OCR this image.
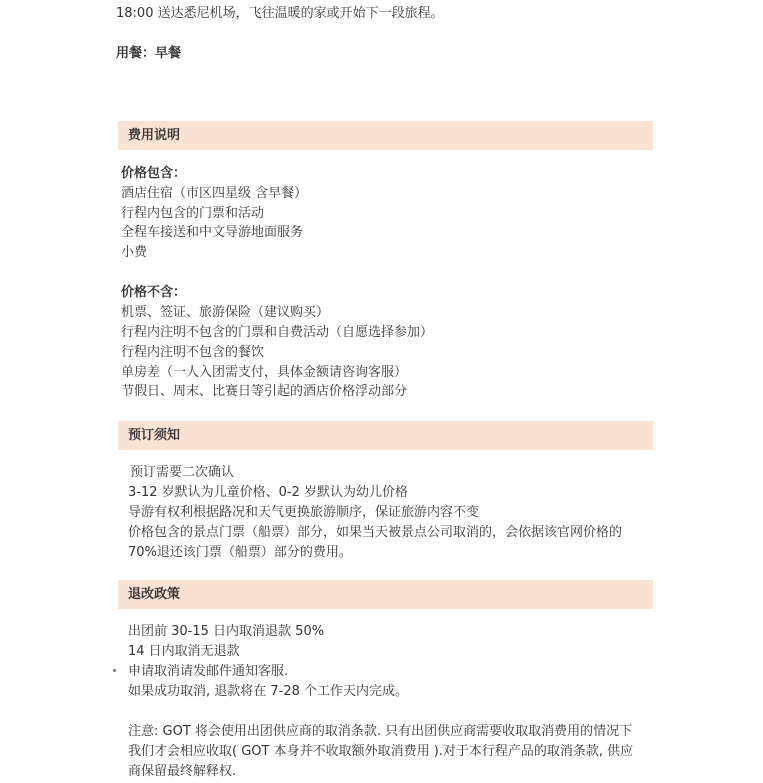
18:00 送达悉尼机场，飞往温暖的家或开始下一段旅程。
用餐：早餐
费用说明
价格包含：
酒店住宿（市区四星级 含早餐）
行程内包含的门票和活动
全程车接送和中文导游地面服务
小费
价格不含：
机票、签证、旅游保险（建议购买）
行程内注明不包含的门票和自费活动（自愿选择参加）
行程内注明不包含的餐饮
单房差（一人入团需支付，具体金额请咨询客服）
节假日、周末、比赛日等引起的酒店价格浮动部分
预订须知
预订需要二次确认
3-12 岁默认为儿童价格、0-2 岁默认为幼儿价格
导游有权利根据路况和天气更换旅游顺序，保证旅游内容不变
价格包含的景点门票（船票）部分，如果当天被景点公司取消的，会依据该官网价格的
70%退还该门票（船票）部分的费用。
退改政策
出团前 30-15 日内取消退款 50%
14 日内取消无退款
申请取消请发邮件通知客服.
如果成功取消, 退款将在 7-28 个工作天内完成。
注意: GOT 将会使用出团供应商的取消条款. 只有出团供应商需要收取取消费用的情况下
我们才会相应收取( GOT 本身并不收取额外取消费用 ).对于本行程产品的取消条款, 供应
商保留最终解释权.
